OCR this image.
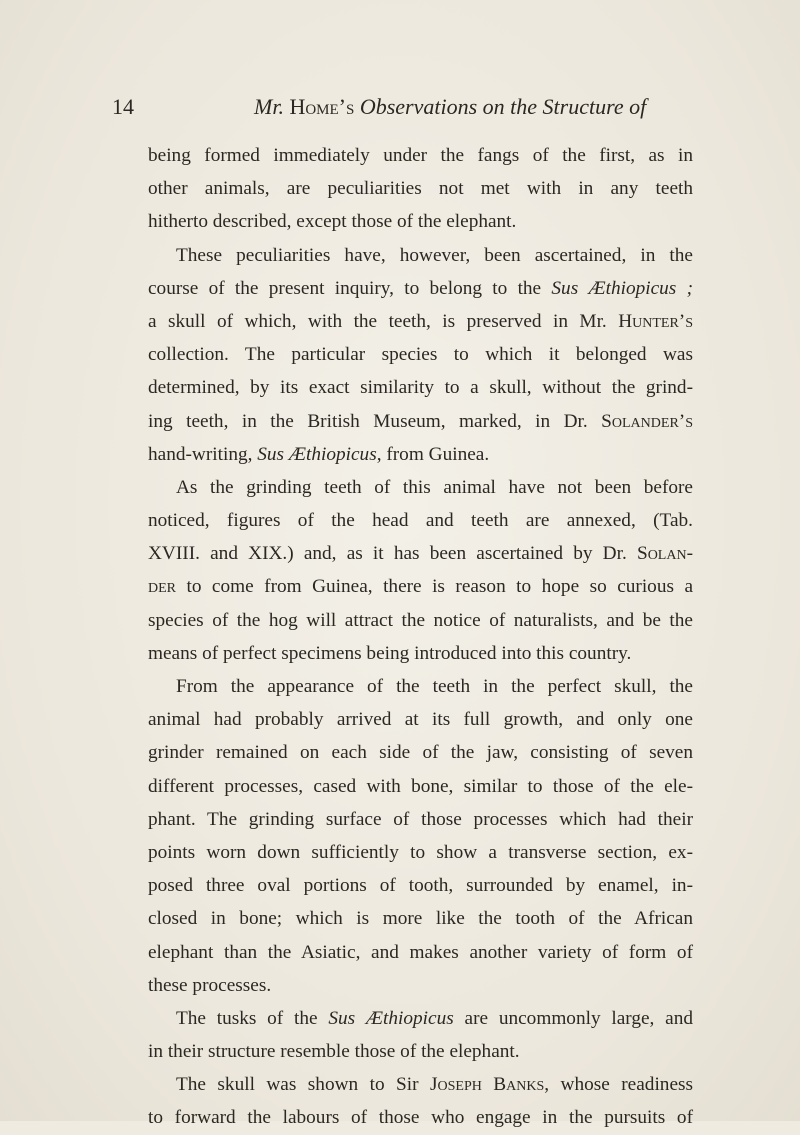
14	Mr. Home’s Observations on the Structure of
being formed immediately under the fangs of the first, as in
other animals, are peculiarities not met with in any teeth
hitherto described, except those of the elephant.
These peculiarities have, however, been ascertained, in the
course of the present inquiry, to belong to the Sus Æthiopicus ;
a skull of which, with the teeth, is preserved in Mr. Hunter’s
collection. The particular species to which it belonged was
determined, by its exact similarity to a skull, without the grind-
ing teeth, in the British Museum, marked, in Dr. Solander’s
hand-writing, Sus Æthiopicus, from Guinea.
As the grinding teeth of this animal have not been before
noticed, figures of the head and teeth are annexed, (Tab.
XVIII. and XIX.) and, as it has been ascertained by Dr. Solan-
der to come from Guinea, there is reason to hope so curious a
species of the hog will attract the notice of naturalists, and be the
means of perfect specimens being introduced into this country.
From the appearance of the teeth in the perfect skull, the
animal had probably arrived at its full growth, and only one
grinder remained on each side of the jaw, consisting of seven
different processes, cased with bone, similar to those of the ele-
phant. The grinding surface of those processes which had their
points worn down sufficiently to show a transverse section, ex-
posed three oval portions of tooth, surrounded by enamel, in-
closed in bone; which is more like the tooth of the African
elephant than the Asiatic, and makes another variety of form of
these processes.
The tusks of the Sus Æthiopicus are uncommonly large, and
in their structure resemble those of the elephant.
The skull was shown to Sir Joseph Banks, whose readiness
to forward the labours of those who engage in the pursuits of
